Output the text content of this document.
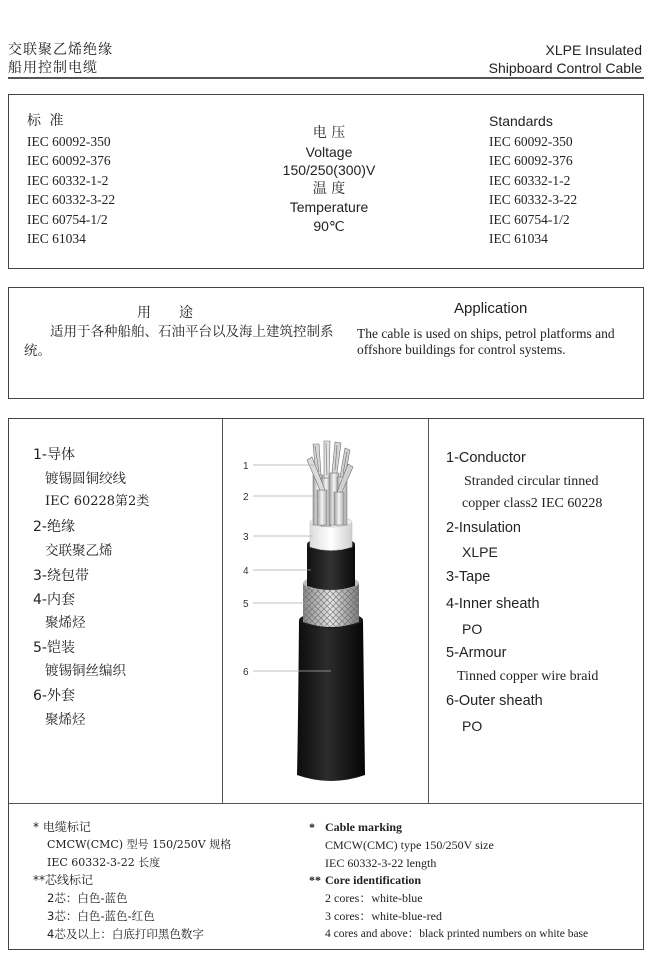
交联聚乙烯绝缘
船用控制电缆
XLPE Insulated
Shipboard Control Cable
标 准
IEC 60092-350
IEC 60092-376
IEC 60332-1-2
IEC 60332-3-22
IEC 60754-1/2
IEC 61034
电 压
Voltage
150/250(300)V
温 度
Temperature
90℃
Standards
IEC 60092-350
IEC 60092-376
IEC 60332-1-2
IEC 60332-3-22
IEC 60754-1/2
IEC 61034
用途
适用于各种船舶、石油平台以及海上建筑控制系统。
Application
The cable is used on ships, petrol platforms and offshore buildings for control systems.
1-导体
镀锡圆铜绞线
IEC 60228第2类
2-绝缘
交联聚乙烯
3-绕包带
4-内套
聚烯烃
5-铠装
镀锡铜丝编织
6-外套
聚烯烃
1
2
3
4
5
6
1-Conductor
Stranded circular tinned
copper class2 IEC 60228
2-Insulation
XLPE
3-Tape
4-Inner sheath
PO
5-Armour
Tinned copper wire braid
6-Outer sheath
PO
* 电缆标记
CMCW(CMC) 型号 150/250V 规格
IEC 60332-3-22 长度
**芯线标记
2芯：白色-蓝色
3芯：白色-蓝色-红色
4芯及以上：白底打印黑色数字
* Cable marking
CMCW(CMC) type 150/250V size
IEC 60332-3-22 length
** Core identification
2 cores：white-blue
3 cores：white-blue-red
4 cores and above：black printed numbers on white base
